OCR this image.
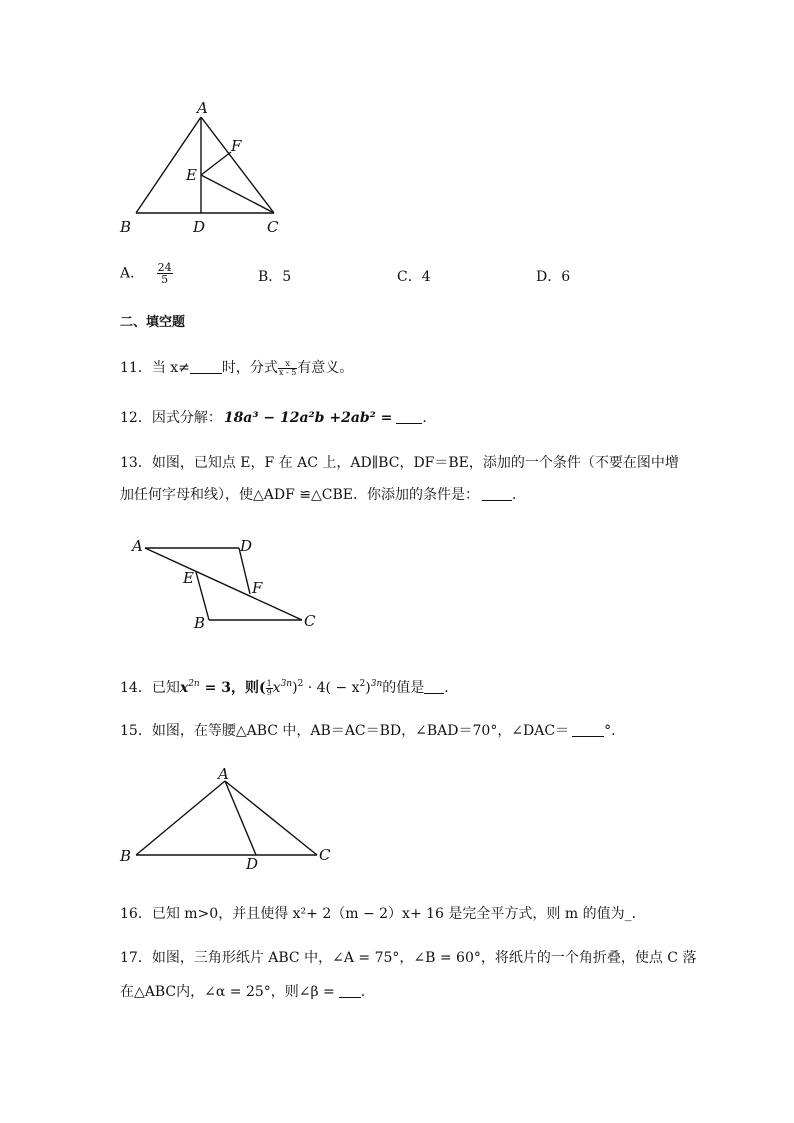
A
F
E
B	D	C
A． $\frac{24}{5}$	B．5	C．4	D．6
二、填空题
11．当 x≠ 时，分式 $\frac{x}{x - 5}$ 有意义。
12．因式分解： 18a³ − 12a²b +2ab² = ．
13．如图，已知点 E，F 在 AC 上，AD∥BC，DF＝BE，添加的一个条件（不要在图中增
加任何字母和线），使△ADF ≌△CBE．你添加的条件是： ．
A	D
E
F
B	C
14．已知$x^{2n} = 3$，则( $\frac{1}{9} x^{3n})^2 \cdot 4( - x^2)^{3n}$的值是 ．
15．如图，在等腰△ABC 中，AB＝AC＝BD，∠BAD＝70°，∠DAC＝	°．
A
B	D	C
16．已知 m>0，并且使得 x²+ 2（m − 2）x+ 16 是完全平方式，则 m 的值为_．
17．如图，三角形纸片 ABC 中，∠A = 75°，∠B = 60°，将纸片的一个角折叠，使点 C 落
在△ABC内，∠α = 25°，则∠β = ．
